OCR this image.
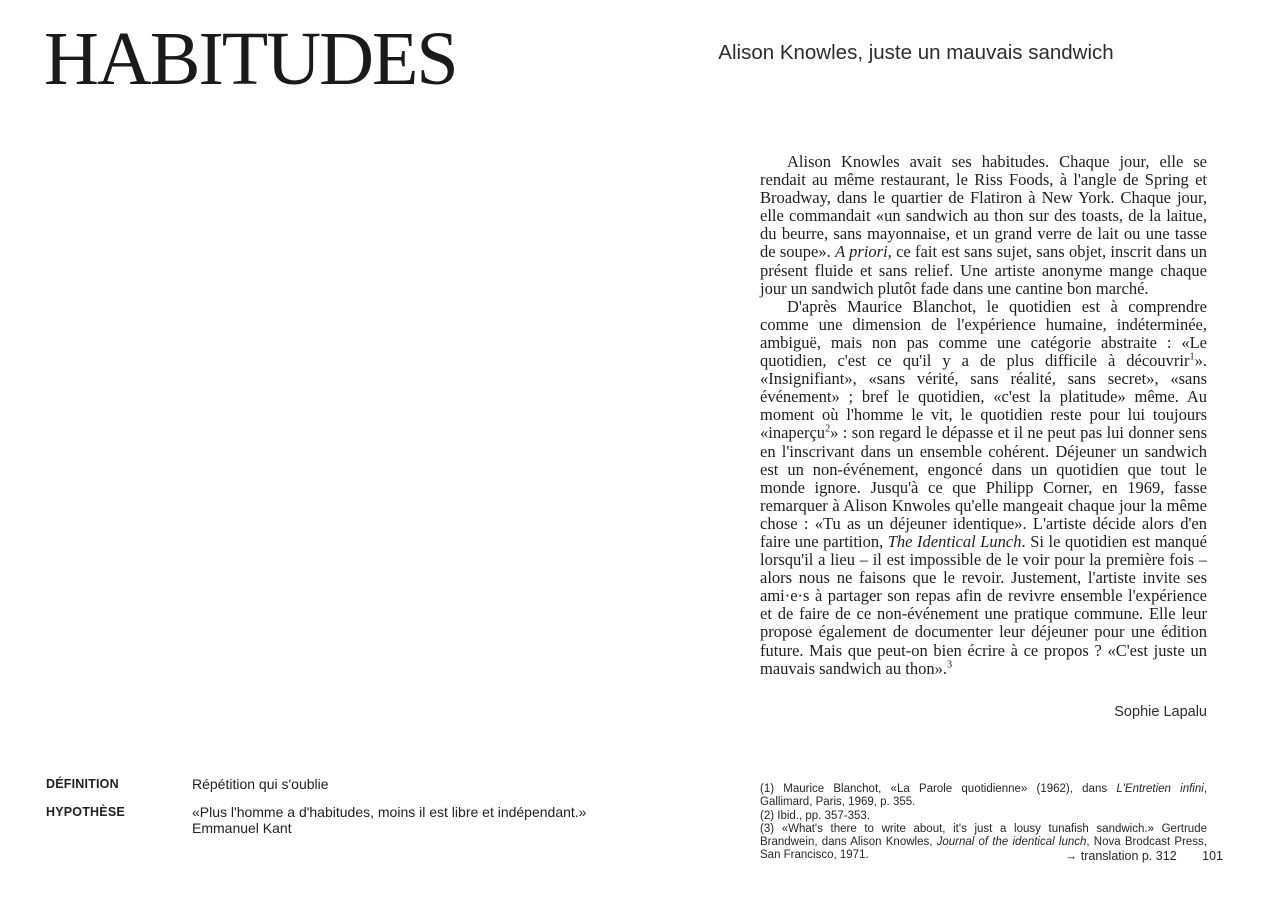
HABITUDES	Alison Knowles, juste un mauvais sandwich

Alison Knowles avait ses habitudes. Chaque jour, elle se rendait au même restaurant, le Riss Foods, à l'angle de Spring et Broadway, dans le quartier de Flatiron à New York. Chaque jour, elle commandait «un sandwich au thon sur des toasts, de la laitue, du beurre, sans mayonnaise, et un grand verre de lait ou une tasse de soupe». A priori, ce fait est sans sujet, sans objet, inscrit dans un présent fluide et sans relief. Une artiste anonyme mange chaque jour un sandwich plutôt fade dans une cantine bon marché.

D'après Maurice Blanchot, le quotidien est à comprendre comme une dimension de l'expérience humaine, indéterminée, ambiguë, mais non pas comme une catégorie abstraite : «Le quotidien, c'est ce qu'il y a de plus difficile à découvrir$^1$». «Insignifiant», «sans vérité, sans réalité, sans secret», «sans événement» ; bref le quotidien, «c'est la platitude» même. Au moment où l'homme le vit, le quotidien reste pour lui toujours «inaperçu$^2$» : son regard le dépasse et il ne peut pas lui donner sens en l'inscrivant dans un ensemble cohérent. Déjeuner un sandwich est un non-événement, engoncé dans un quotidien que tout le monde ignore. Jusqu'à ce que Philipp Corner, en 1969, fasse remarquer à Alison Knwoles qu'elle mangeait chaque jour la même chose : «Tu as un déjeuner identique». L'artiste décide alors d'en faire une partition, The Identical Lunch. Si le quotidien est manqué lorsqu'il a lieu – il est impossible de le voir pour la première fois – alors nous ne faisons que le revoir. Justement, l'artiste invite ses ami·e·s à partager son repas afin de revivre ensemble l'expérience et de faire de ce non-événement une pratique commune. Elle leur propose également de documenter leur déjeuner pour une édition future. Mais que peut-on bien écrire à ce propos ? «C'est juste un mauvais sandwich au thon».$^3$

Sophie Lapalu
DÉFINITION	Répétition qui s'oublie
HYPOTHÈSE	«Plus l'homme a d'habitudes, moins il est libre et indépendant.»
Emmanuel Kant

(1) Maurice Blanchot, «La Parole quotidienne» (1962), dans L'Entretien infini, Gallimard, Paris, 1969, p. 355.

(2) Ibid., pp. 357-353.

(3) «What's there to write about, it's just a lousy tunafish sandwich.» Gertrude Brandwein, dans Alison Knowles, Journal of the identical lunch, Nova Brodcast Press, San Francisco, 1971.	→ translation p. 312 101
